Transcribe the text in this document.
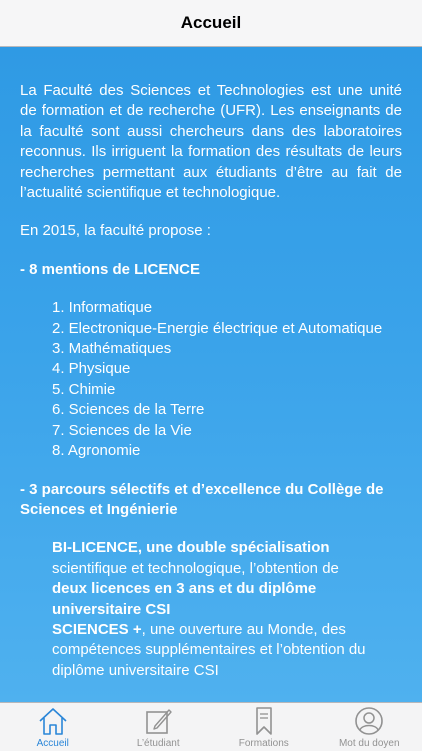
Accueil

La Faculté des Sciences et Technologies est une unité de formation et de recherche (UFR). Les enseignants de la faculté sont aussi chercheurs dans des laboratoires reconnus. Ils irriguent la formation des résultats de leurs recherches permettant aux étudiants d’être au fait de l’actualité scientifique et technologique.

En 2015, la faculté propose :

- 8 mentions de LICENCE

1. Informatique
2. Electronique-Energie électrique et Automatique
3. Mathématiques
4. Physique
5. Chimie
6. Sciences de la Terre
7. Sciences de la Vie
8. Agronomie

- 3 parcours sélectifs et d’excellence du Collège de Sciences et Ingénierie

BI-LICENCE, une double spécialisation
scientifique et technologique, l’obtention de
deux licences en 3 ans et du diplôme universitaire CSI
SCIENCES +, une ouverture au Monde, des compétences supplémentaires et l’obtention du diplôme universitaire CSI
Accueil	L’étudiant	Formations	Mot du doyen
